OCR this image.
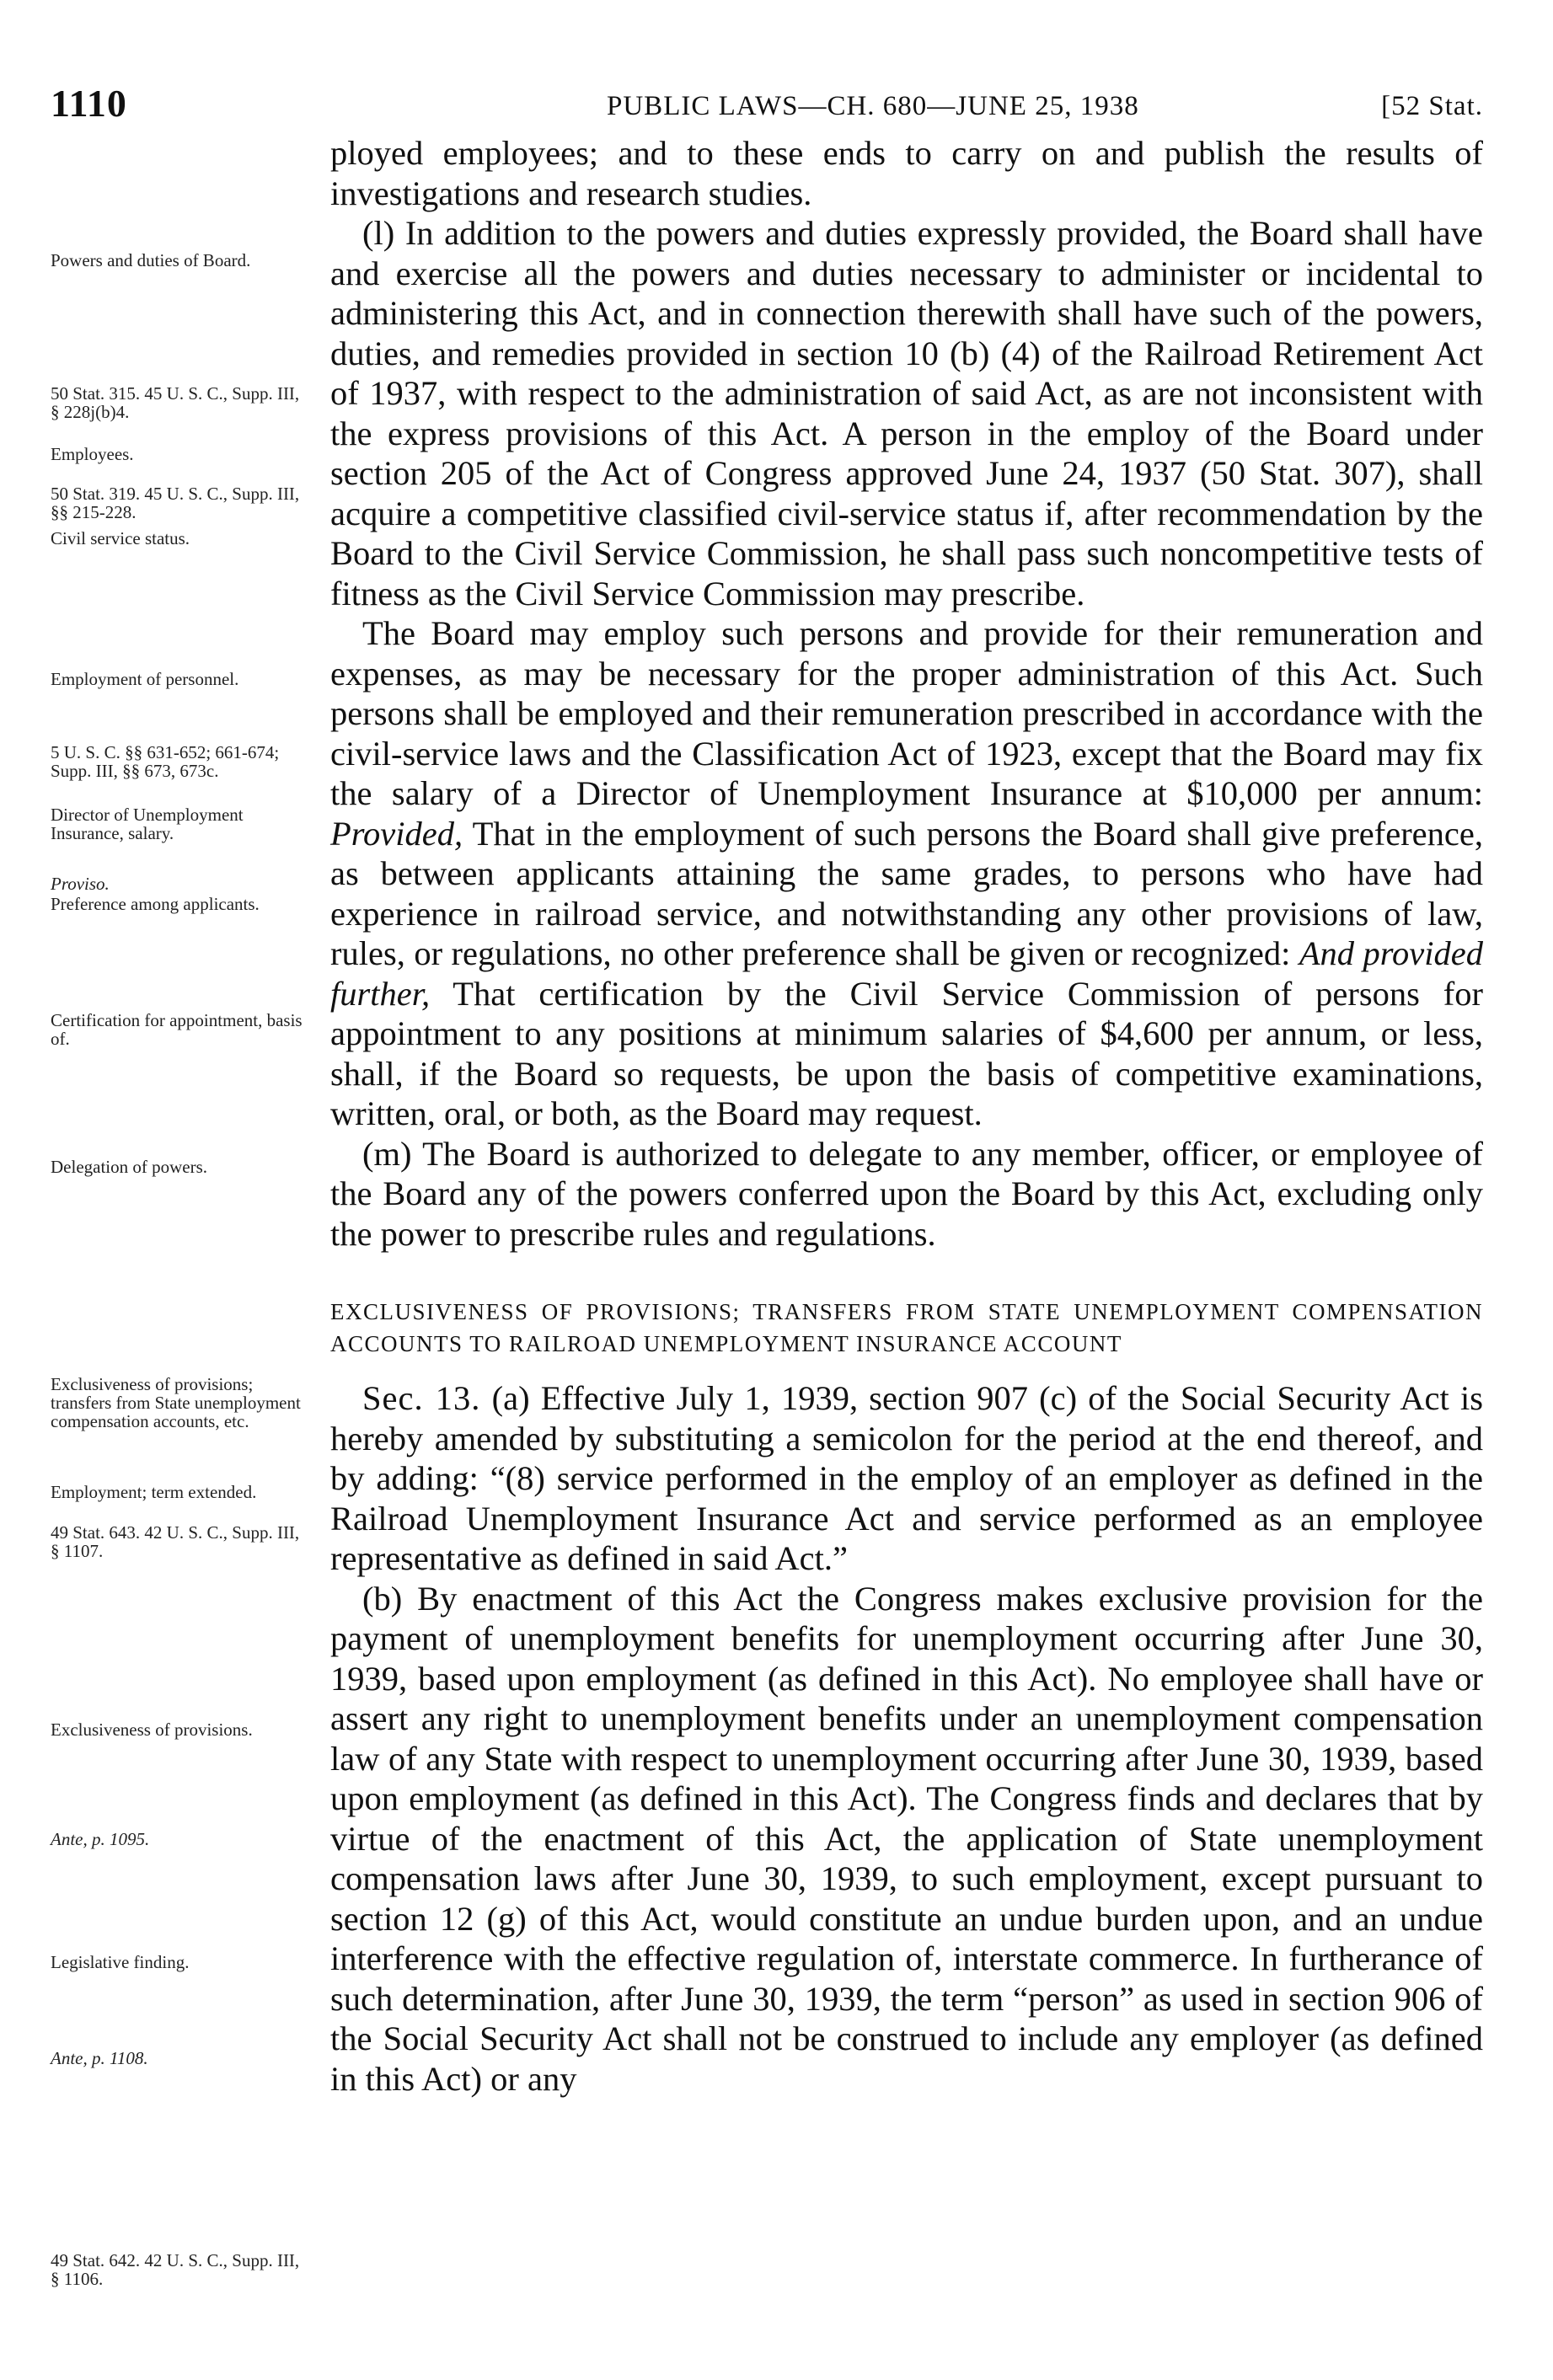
1110	PUBLIC LAWS—CH. 680—JUNE 25, 1938	[52 Stat.
Powers and duties of Board.
50 Stat. 315. 45 U. S. C., Supp. III, § 228j(b)4.
Employees.
50 Stat. 319. 45 U. S. C., Supp. III, §§ 215-228.
Civil service status.
Employment of personnel.
5 U. S. C. §§ 631-652; 661-674; Supp. III, §§ 673, 673c.
Director of Unemployment Insurance, salary.
Proviso.
Preference among applicants.
Certification for appointment, basis of.
Delegation of powers.
Exclusiveness of provisions; transfers from State unemployment compensation accounts, etc.
Employment; term extended.
49 Stat. 643. 42 U. S. C., Supp. III, § 1107.
Exclusiveness of provisions.
Ante, p. 1095.
Legislative finding.
Ante, p. 1108.
49 Stat. 642. 42 U. S. C., Supp. III, § 1106.

ployed employees; and to these ends to carry on and publish the results of investigations and research studies.

(l) In addition to the powers and duties expressly provided, the Board shall have and exercise all the powers and duties necessary to administer or incidental to administering this Act, and in connection therewith shall have such of the powers, duties, and remedies provided in section 10 (b) (4) of the Railroad Retirement Act of 1937, with respect to the administration of said Act, as are not inconsistent with the express provisions of this Act. A person in the employ of the Board under section 205 of the Act of Congress approved June 24, 1937 (50 Stat. 307), shall acquire a competitive classified civil-service status if, after recommendation by the Board to the Civil Service Commission, he shall pass such noncompetitive tests of fitness as the Civil Service Commission may prescribe.

The Board may employ such persons and provide for their remuneration and expenses, as may be necessary for the proper administration of this Act. Such persons shall be employed and their remuneration prescribed in accordance with the civil-service laws and the Classification Act of 1923, except that the Board may fix the salary of a Director of Unemployment Insurance at $10,000 per annum: Provided, That in the employment of such persons the Board shall give preference, as between applicants attaining the same grades, to persons who have had experience in railroad service, and notwithstanding any other provisions of law, rules, or regulations, no other preference shall be given or recognized: And provided further, That certification by the Civil Service Commission of persons for appointment to any positions at minimum salaries of $4,600 per annum, or less, shall, if the Board so requests, be upon the basis of competitive examinations, written, oral, or both, as the Board may request.

(m) The Board is authorized to delegate to any member, officer, or employee of the Board any of the powers conferred upon the Board by this Act, excluding only the power to prescribe rules and regulations.

EXCLUSIVENESS OF PROVISIONS; TRANSFERS FROM STATE UNEMPLOYMENT COMPENSATION ACCOUNTS TO RAILROAD UNEMPLOYMENT INSURANCE ACCOUNT

Sec. 13. (a) Effective July 1, 1939, section 907 (c) of the Social Security Act is hereby amended by substituting a semicolon for the period at the end thereof, and by adding: “(8) service performed in the employ of an employer as defined in the Railroad Unemployment Insurance Act and service performed as an employee representative as defined in said Act.”

(b) By enactment of this Act the Congress makes exclusive provision for the payment of unemployment benefits for unemployment occurring after June 30, 1939, based upon employment (as defined in this Act). No employee shall have or assert any right to unemployment benefits under an unemployment compensation law of any State with respect to unemployment occurring after June 30, 1939, based upon employment (as defined in this Act). The Congress finds and declares that by virtue of the enactment of this Act, the application of State unemployment compensation laws after June 30, 1939, to such employment, except pursuant to section 12 (g) of this Act, would constitute an undue burden upon, and an undue interference with the effective regulation of, interstate commerce. In furtherance of such determination, after June 30, 1939, the term “person” as used in section 906 of the Social Security Act shall not be construed to include any employer (as defined in this Act) or any
